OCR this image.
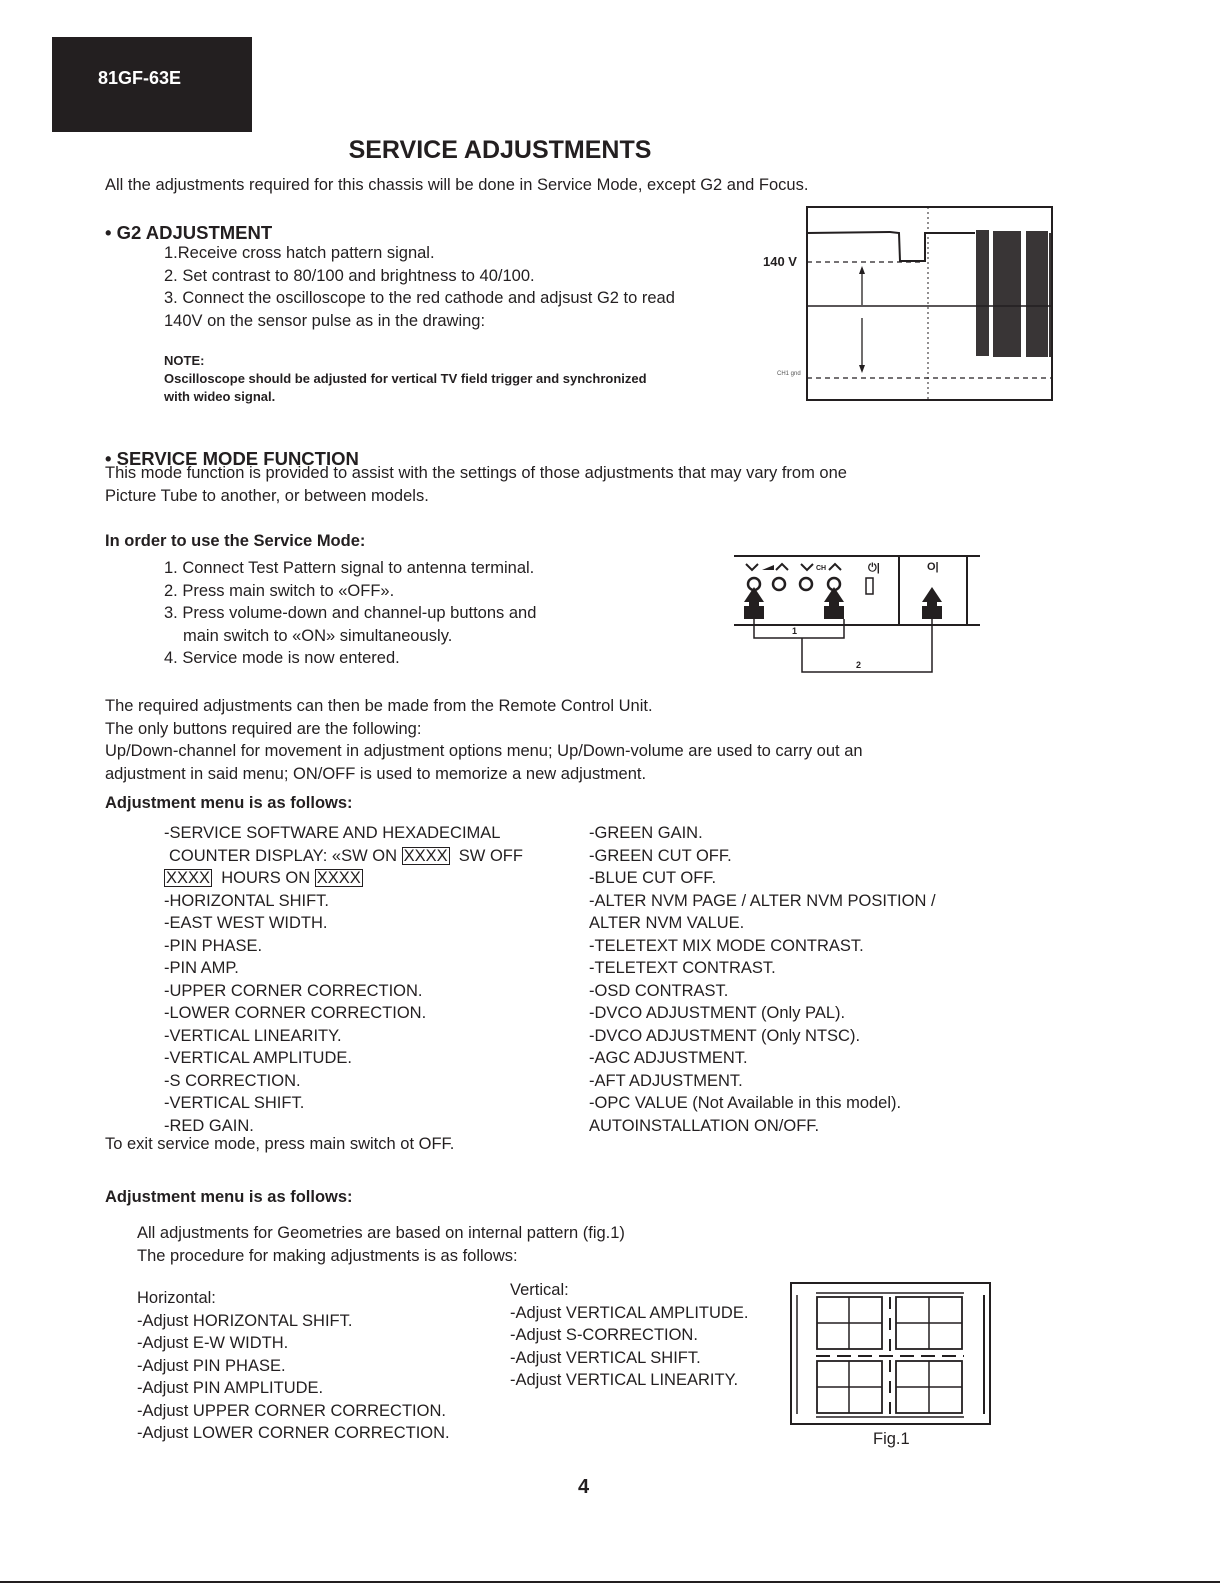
81GF-63E
SERVICE ADJUSTMENTS
All the adjustments required for this chassis will be done in Service Mode, except G2 and Focus.
• G2 ADJUSTMENT
1.Receive cross hatch pattern signal.
2. Set contrast to 80/100 and brightness to 40/100.
3. Connect the oscilloscope to the red cathode and adjsust G2 to read
140V on the sensor pulse as in the drawing:
NOTE:
Oscilloscope should be adjusted for vertical TV field trigger and synchronized
with wideo signal.
140 V
CH1 gnd
• SERVICE MODE FUNCTION
This mode function is provided to assist with the settings of those adjustments that may vary from one
Picture Tube to another, or between models.
In order to use the Service Mode:
1. Connect Test Pattern signal to antenna terminal.
2. Press main switch to «OFF».
3. Press volume-down and channel-up buttons and
main switch to «ON» simultaneously.
4. Service mode is now entered.
CH	⏻|	O|
1
2
The required adjustments can then be made from the Remote Control Unit.
The only buttons required are the following:
Up/Down-channel for movement in adjustment options menu; Up/Down-volume are used to carry out an
adjustment in said menu; ON/OFF is used to memorize a new adjustment.
Adjustment menu is as follows:
-SERVICE SOFTWARE AND HEXADECIMAL
COUNTER DISPLAY: «SW ON XXXX SW OFF
XXXX HOURS ON XXXX
-HORIZONTAL SHIFT.
-EAST WEST WIDTH.
-PIN PHASE.
-PIN AMP.
-UPPER CORNER CORRECTION.
-LOWER CORNER CORRECTION.
-VERTICAL LINEARITY.
-VERTICAL AMPLITUDE.
-S CORRECTION.
-VERTICAL SHIFT.
-RED GAIN.
-GREEN GAIN.
-GREEN CUT OFF.
-BLUE CUT OFF.
-ALTER NVM PAGE / ALTER NVM POSITION /
ALTER NVM VALUE.
-TELETEXT MIX MODE CONTRAST.
-TELETEXT CONTRAST.
-OSD CONTRAST.
-DVCO ADJUSTMENT (Only PAL).
-DVCO ADJUSTMENT (Only NTSC).
-AGC ADJUSTMENT.
-AFT ADJUSTMENT.
-OPC VALUE (Not Available in this model).
AUTOINSTALLATION ON/OFF.
To exit service mode, press main switch ot OFF.
Adjustment menu is as follows:
All adjustments for Geometries are based on internal pattern (fig.1)
The procedure for making adjustments is as follows:
Horizontal:
-Adjust HORIZONTAL SHIFT.
-Adjust E-W WIDTH.
-Adjust PIN PHASE.
-Adjust PIN AMPLITUDE.
-Adjust UPPER CORNER CORRECTION.
-Adjust LOWER CORNER CORRECTION.
Vertical:
-Adjust VERTICAL AMPLITUDE.
-Adjust S-CORRECTION.
-Adjust VERTICAL SHIFT.
-Adjust VERTICAL LINEARITY.
Fig.1
4
